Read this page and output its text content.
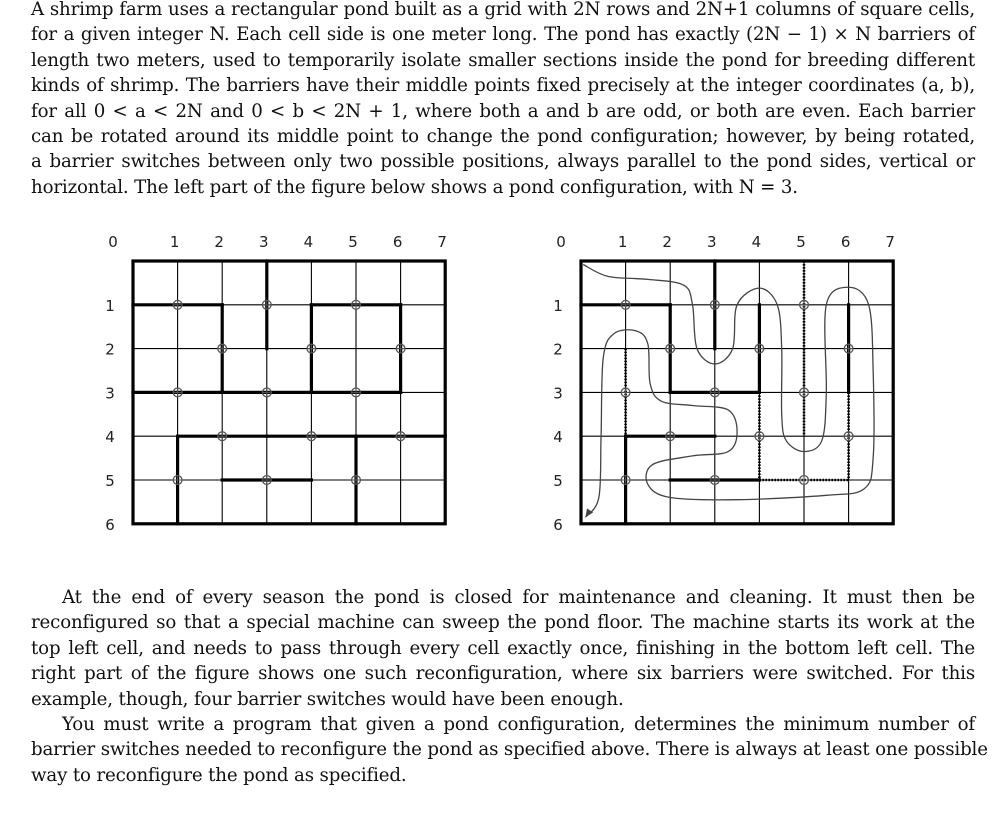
A shrimp farm uses a rectangular pond built as a grid with 2N rows and 2N+1 columns of square cells,
for a given integer N. Each cell side is one meter long. The pond has exactly (2N − 1) × N barriers of
length two meters, used to temporarily isolate smaller sections inside the pond for breeding different
kinds of shrimp. The barriers have their middle points fixed precisely at the integer coordinates (a, b),
for all 0 < a < 2N and 0 < b < 2N + 1, where both a and b are odd, or both are even. Each barrier
can be rotated around its middle point to change the pond configuration; however, by being rotated,
a barrier switches between only two possible positions, always parallel to the pond sides, vertical or
horizontal. The left part of the figure below shows a pond configuration, with N = 3.
0	1 2 3 4 5 6 7
1
2
3
4
5
6
0	1 2 3 4 5 6 7
1
2
3
4
5
6
At the end of every season the pond is closed for maintenance and cleaning. It must then be
reconfigured so that a special machine can sweep the pond floor. The machine starts its work at the
top left cell, and needs to pass through every cell exactly once, finishing in the bottom left cell. The
right part of the figure shows one such reconfiguration, where six barriers were switched. For this
example, though, four barrier switches would have been enough.
You must write a program that given a pond configuration, determines the minimum number of
barrier switches needed to reconfigure the pond as specified above. There is always at least one possible
way to reconfigure the pond as specified.
